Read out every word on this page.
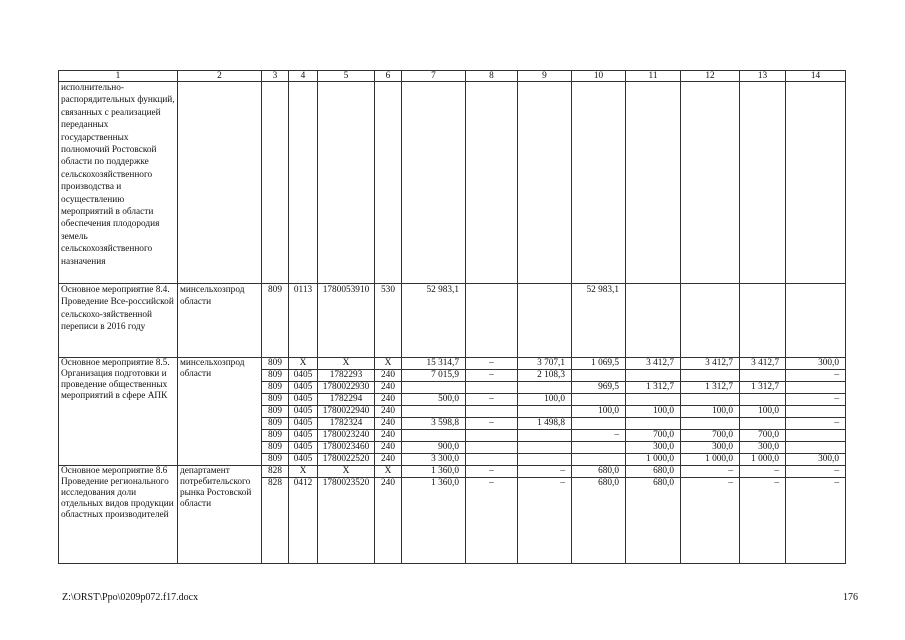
1	2	3	4	5	6	7	8	9	10	11	12	13	14
исполнительно-распорядительных функций, связанных с реализацией переданных государственных полномочий Ростовской области по поддержке сельскохозяйственного производства и осуществлению мероприятий в области обеспечения плодородия земель сельскохозяйственного назначения													
Основное мероприятие 8.4. Проведение Все-российской сельскохо-зяйственной переписи в 2016 году	минсельхозпрод области	809	0113	1780053910	530	52 983,1			52 983,1				
Основное мероприятие 8.5. Организация подготовки и проведение общественных мероприятий в сфере АПК	минсельхозпрод области	809	Х	Х	Х	15 314,7	–	3 707,1	1 069,5	3 412,7	3 412,7	3 412,7	300,0
		809	0405	1782293	240	7 015,9	–	2 108,3					–
		809	0405	1780022930	240				969,5	1 312,7	1 312,7	1 312,7	
		809	0405	1782294	240	500,0	–	100,0					–
		809	0405	1780022940	240				100,0	100,0	100,0	100,0	
		809	0405	1782324	240	3 598,8	–	1 498,8					–
		809	0405	1780023240	240				–	700,0	700,0	700,0	
		809	0405	1780023460	240	900,0				300,0	300,0	300,0	
		809	0405	1780022520	240	3 300,0				1 000,0	1 000,0	1 000,0	300,0
Основное мероприятие 8.6 Проведение регионального исследования доли отдельных видов продукции областных производителей	департамент потребительского рынка Ростовской области	828	Х	Х	Х	1 360,0	–	–	680,0	680,0	–	–	–
		828	0412	1780023520	240	1 360,0	–	–	680,0	680,0	–	–	–
Z:\ORST\Ppo\0209p072.f17.docx	176
